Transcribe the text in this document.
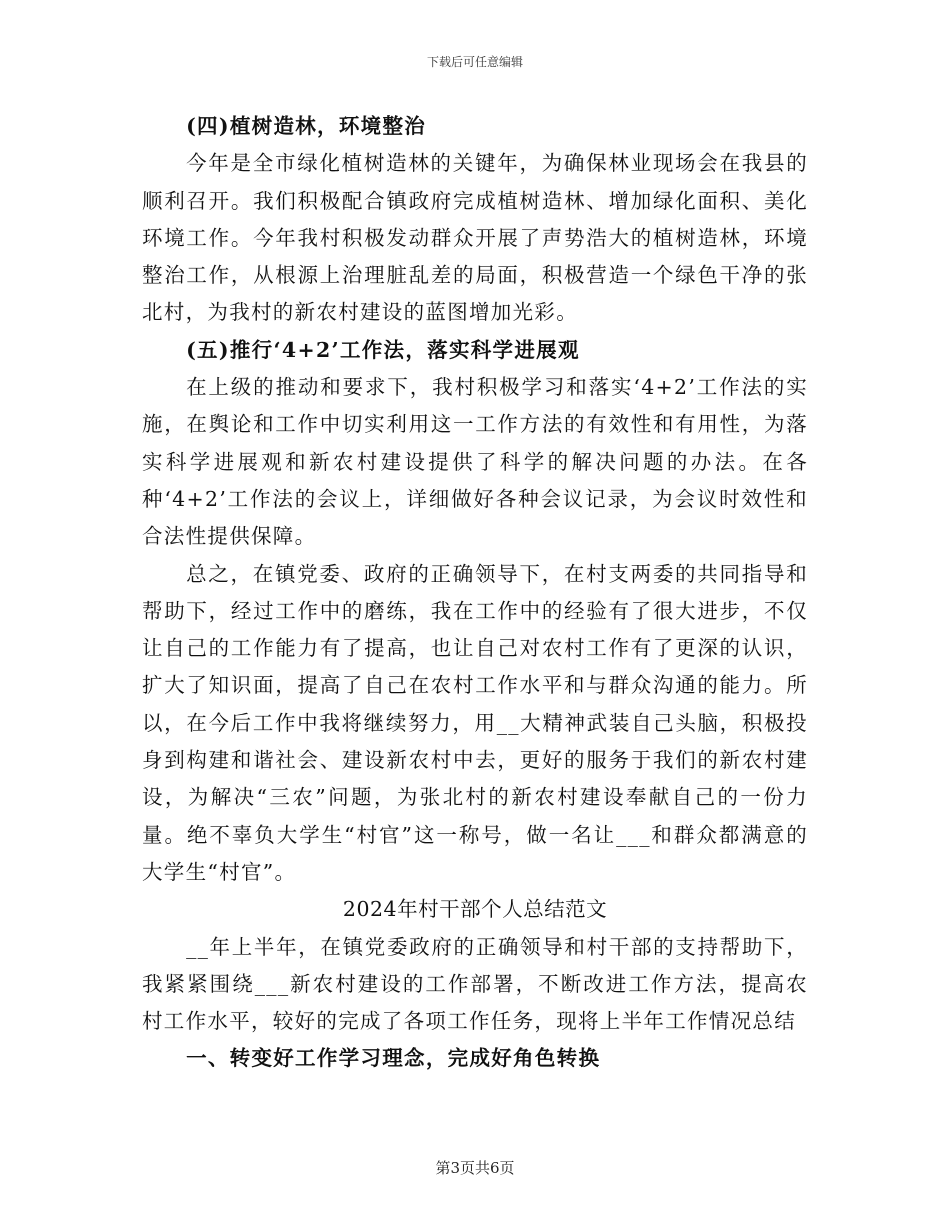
下载后可任意编辑

(四)植树造林，环境整治

今年是全市绿化植树造林的关键年，为确保林业现场会在我县的顺利召开。我们积极配合镇政府完成植树造林、增加绿化面积、美化环境工作。今年我村积极发动群众开展了声势浩大的植树造林，环境整治工作，从根源上治理脏乱差的局面，积极营造一个绿色干净的张北村，为我村的新农村建设的蓝图增加光彩。

(五)推行‘4+2’工作法，落实科学进展观

在上级的推动和要求下，我村积极学习和落实‘4+2’工作法的实施，在舆论和工作中切实利用这一工作方法的有效性和有用性，为落实科学进展观和新农村建设提供了科学的解决问题的办法。在各种‘4+2’工作法的会议上，详细做好各种会议记录，为会议时效性和合法性提供保障。

总之，在镇党委、政府的正确领导下，在村支两委的共同指导和帮助下，经过工作中的磨练，我在工作中的经验有了很大进步，不仅让自己的工作能力有了提高，也让自己对农村工作有了更深的认识，扩大了知识面，提高了自己在农村工作水平和与群众沟通的能力。所以，在今后工作中我将继续努力，用__大精神武装自己头脑，积极投身到构建和谐社会、建设新农村中去，更好的服务于我们的新农村建设，为解决“三农”问题，为张北村的新农村建设奉献自己的一份力量。绝不辜负大学生“村官”这一称号，做一名让___和群众都满意的大学生“村官”。

2024年村干部个人总结范文

__年上半年，在镇党委政府的正确领导和村干部的支持帮助下，我紧紧围绕___新农村建设的工作部署，不断改进工作方法，提高农村工作水平，较好的完成了各项工作任务，现将上半年工作情况总结

一、转变好工作学习理念，完成好角色转换

第3页共6页
